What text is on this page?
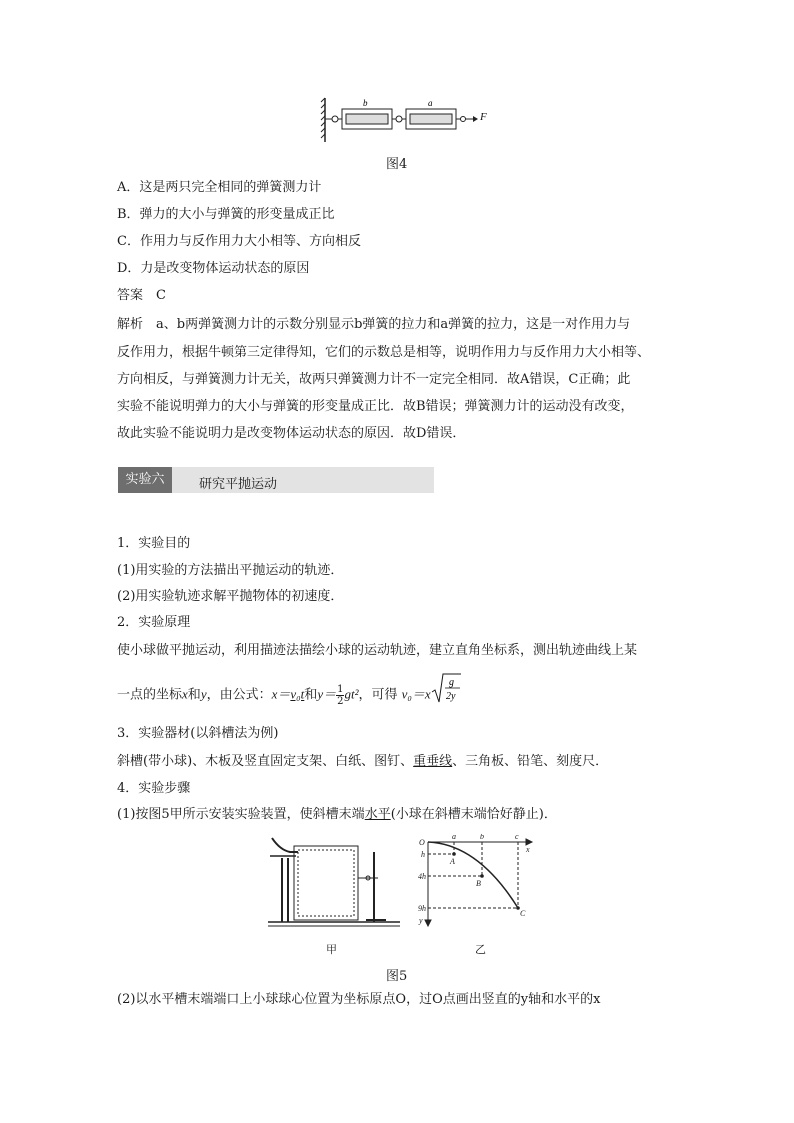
b	a
F
图4
A．这是两只完全相同的弹簧测力计
B．弹力的大小与弹簧的形变量成正比
C．作用力与反作用力大小相等、方向相反
D．力是改变物体运动状态的原因
答案　C
解析　a、b两弹簧测力计的示数分别显示b弹簧的拉力和a弹簧的拉力，这是一对作用力与
反作用力，根据牛顿第三定律得知，它们的示数总是相等，说明作用力与反作用力大小相等、
方向相反，与弹簧测力计无关，故两只弹簧测力计不一定完全相同．故A错误，C正确；此
实验不能说明弹力的大小与弹簧的形变量成正比．故B错误；弹簧测力计的运动没有改变，
故此实验不能说明力是改变物体运动状态的原因．故D错误．
实验六	研究平抛运动
1．实验目的
(1)用实验的方法描出平抛运动的轨迹．
(2)用实验轨迹求解平抛物体的初速度．
2．实验原理
使小球做平抛运动，利用描迹法描绘小球的运动轨迹，建立直角坐标系，测出轨迹曲线上某
一点的坐标x和y，由公式：x＝v₀t和$y= \frac{1}{2} gt^2$，可得 v₀＝x
g
2y
3．实验器材(以斜槽法为例)
斜槽(带小球)、木板及竖直固定支架、白纸、图钉、重垂线、三角板、铅笔、刻度尺．
4．实验步骤
(1)按图5甲所示安装实验装置，使斜槽末端水平(小球在斜槽末端恰好静止)．
O
a	b	c
x
h
4h
9h
y
A
B
C
甲	乙
图5
(2)以水平槽末端端口上小球球心位置为坐标原点O，过O点画出竖直的y轴和水平的x
